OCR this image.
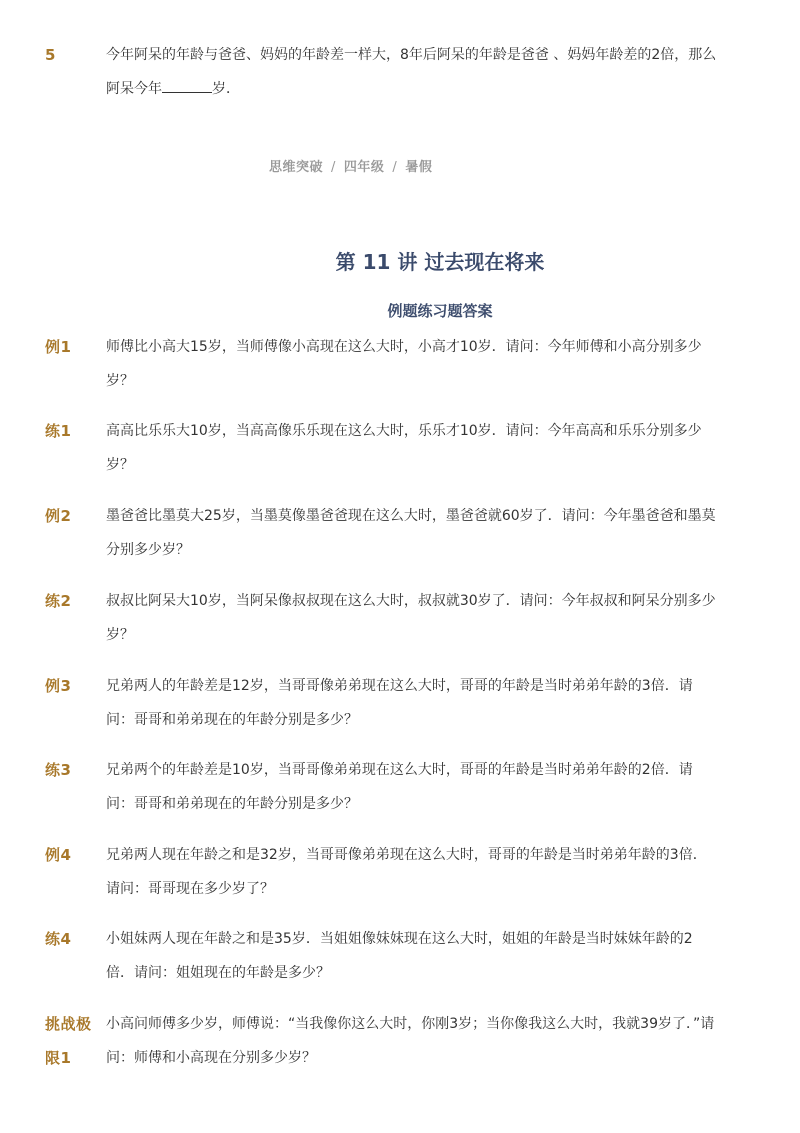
5	今年阿呆的年龄与爸爸、妈妈的年龄差一样大，8年后阿呆的年龄是爸爸 、妈妈年龄差的2倍，那么阿呆今年	岁．
思维突破 / 四年级 / 暑假
第 11 讲 过去现在将来
例题练习题答案
例1 师傅比小高大15岁，当师傅像小高现在这么大时，小高才10岁．请问：今年师傅和小高分别多少岁？
练1 高高比乐乐大10岁，当高高像乐乐现在这么大时，乐乐才10岁．请问：今年高高和乐乐分别多少岁？
例2 墨爸爸比墨莫大25岁，当墨莫像墨爸爸现在这么大时，墨爸爸就60岁了．请问：今年墨爸爸和墨莫分别多少岁？
练2 叔叔比阿呆大10岁，当阿呆像叔叔现在这么大时，叔叔就30岁了．请问：今年叔叔和阿呆分别多少岁？
例3 兄弟两人的年龄差是12岁，当哥哥像弟弟现在这么大时，哥哥的年龄是当时弟弟年龄的3倍．请问：哥哥和弟弟现在的年龄分别是多少？
练3 兄弟两个的年龄差是10岁，当哥哥像弟弟现在这么大时，哥哥的年龄是当时弟弟年龄的2倍．请问：哥哥和弟弟现在的年龄分别是多少？
例4 兄弟两人现在年龄之和是32岁，当哥哥像弟弟现在这么大时，哥哥的年龄是当时弟弟年龄的3倍．请问：哥哥现在多少岁了？
练4 小姐妹两人现在年龄之和是35岁．当姐姐像妹妹现在这么大时，姐姐的年龄是当时妹妹年龄的2倍．请问：姐姐现在的年龄是多少？
挑战极限1
小高问师傅多少岁，师傅说：“当我像你这么大时，你刚3岁；当你像我这么大时，我就39岁了．”请问：师傅和小高现在分别多少岁？
